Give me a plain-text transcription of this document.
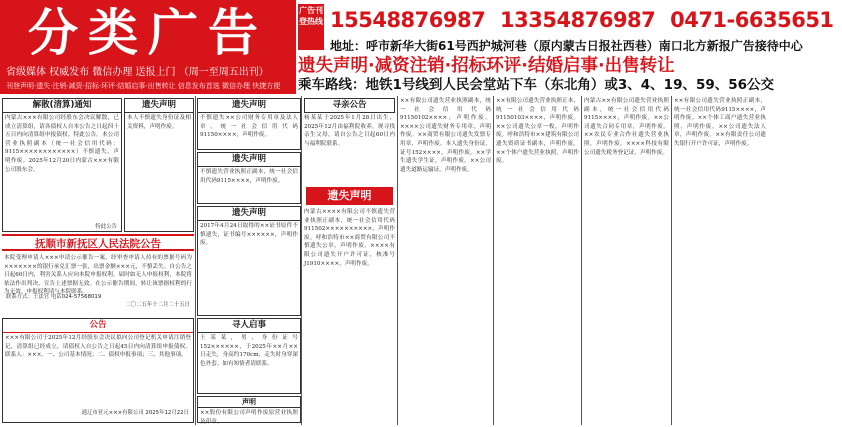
分类广告
省级媒体 权威发布 微信办理 送报上门 （周一至周五出刊）
刊登声明·遗失·注销·减资·招标·环评·结婚启事·出售转让 信息发布首选 微信办理 快捷方便
广告刊登热线 15548876987 13354876987 0471-6635651
地址：呼市新华大街61号西护城河巷（原内蒙古日报社西巷）南口北方新报广告接待中心
遗失声明·减资注销·招标环评·结婚启事·出售转让
乘车路线：地铁1号线到人民会堂站下车（东北角）或3、4、19、59、56公交
解散(清算)通知
内蒙古×××有限公司经股东会决议解散，已成立清算组，请各债权人自本公告之日起四十五日内向清算组申报债权。特此公告。本公司营业执照副本（统一社会信用代码：9115××××××××××××）不慎遗失，声明作废。2025年12月20日内蒙古×××有限公司股东会。
特此公告
遗失声明
本人不慎遗失身份证及相关资料，声明作废。
抚顺市新抚区人民法院公告
本院受理申请人×××申请公示催告一案，经审查申请人持有的票据号码为×××××××的银行承兑汇票一张，出票金额×××元，不慎丢失。自公告之日起60日内，利害关系人应向本院申报权利。届时如无人申报权利，本院将依法作出判决，宣告上述票据无效。在公示催告期间，转让该票据权利的行为无效。申报权利请与本院联系。
联系方式：王法官 电话024-57568019
二〇二五年十二月二十五日
公告
×××有限公司于2025年12月经股东会决议拟向公司登记机关申请注销登记，清算组已经成立，请债权人自公告之日起45日内向清算组申报债权。联系人：×××。一、公司基本情况；二、债权申报事项；三、其他事项。
通辽市亚元×××有限公司 2025年12月22日
遗失声明
不慎遗失××公司财务专用章及法人章，统一社会信用代码91150××××，声明作废。
遗失声明
不慎遗失营业执照正副本，统一社会信用代码9115××××，声明作废。
遗失声明
2017年4月24日取得的××证书原件不慎遗失，证书编号××××××，声明作废。
寻人启事
王某某，男，身份证号152××××××，于2025年××月××日走失，身高约170cm，走失时身穿深色外套。如有知情者请联系。
声明
××股份有限公司声明作废原营业执照及印章。
寻亲公告
杨某某于2025年1月28日出生，2025年12月由福利院收养，现寻找亲生父母，请自公告之日起60日内与福利院联系。
遗失声明
内蒙古××××有限公司不慎遗失营业执照正副本，统一社会信用代码911502××××××××××，声明作废。呼和浩特市××商贸有限公司不慎遗失公章，声明作废。××××有限公司遗失开户许可证，核准号J1910××××，声明作废。
××有限公司遗失营业执照副本，统一社会信用代码91150102××××，声明作废。××××公司遗失财务专用章，声明作废。××商贸有限公司遗失发票专用章，声明作废。本人遗失身份证，证号152××××，声明作废。××学生遗失学生证，声明作废。××公司遗失道路运输证，声明作废。
××有限公司遗失营业执照正本，统一社会信用代码91150103××××，声明作废。××公司遗失公章一枚，声明作废。呼和浩特市××建筑有限公司遗失资质证书副本，声明作废。××个体户遗失营业执照，声明作废。
内蒙古××有限公司遗失营业执照副本，统一社会信用代码9115××××，声明作废。××公司遗失合同专用章，声明作废。××农民专业合作社遗失营业执照，声明作废。××××科技有限公司遗失税务登记证，声明作废。
××有限公司遗失营业执照正副本，统一社会信用代码9115××××，声明作废。××个体工商户遗失营业执照，声明作废。××公司遗失法人章，声明作废。××有限责任公司遗失银行开户许可证，声明作废。
